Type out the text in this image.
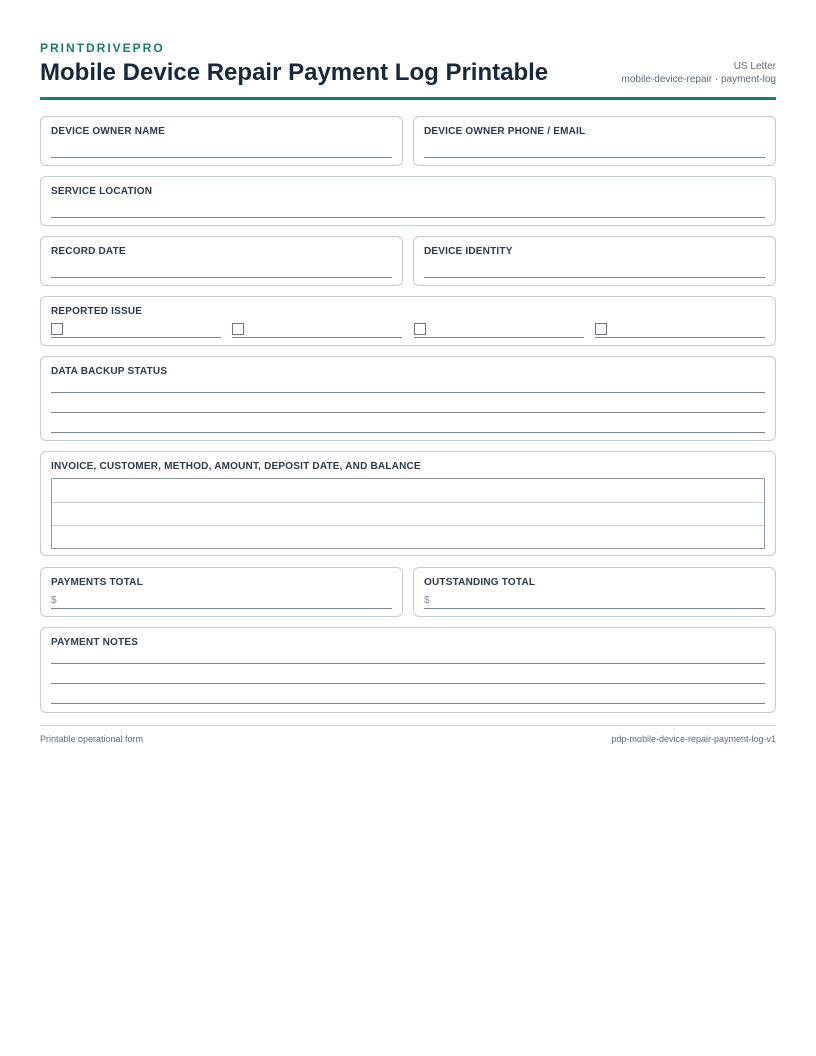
PRINTDRIVEPRO
Mobile Device Repair Payment Log Printable	US Letter
mobile-device-repair · payment-log
DEVICE OWNER NAME	DEVICE OWNER PHONE / EMAIL
SERVICE LOCATION
RECORD DATE	DEVICE IDENTITY
REPORTED ISSUE
DATA BACKUP STATUS
INVOICE, CUSTOMER, METHOD, AMOUNT, DEPOSIT DATE, AND BALANCE
PAYMENTS TOTAL
$
OUTSTANDING TOTAL
$
PAYMENT NOTES
Printable operational form	pdp-mobile-device-repair-payment-log-v1
